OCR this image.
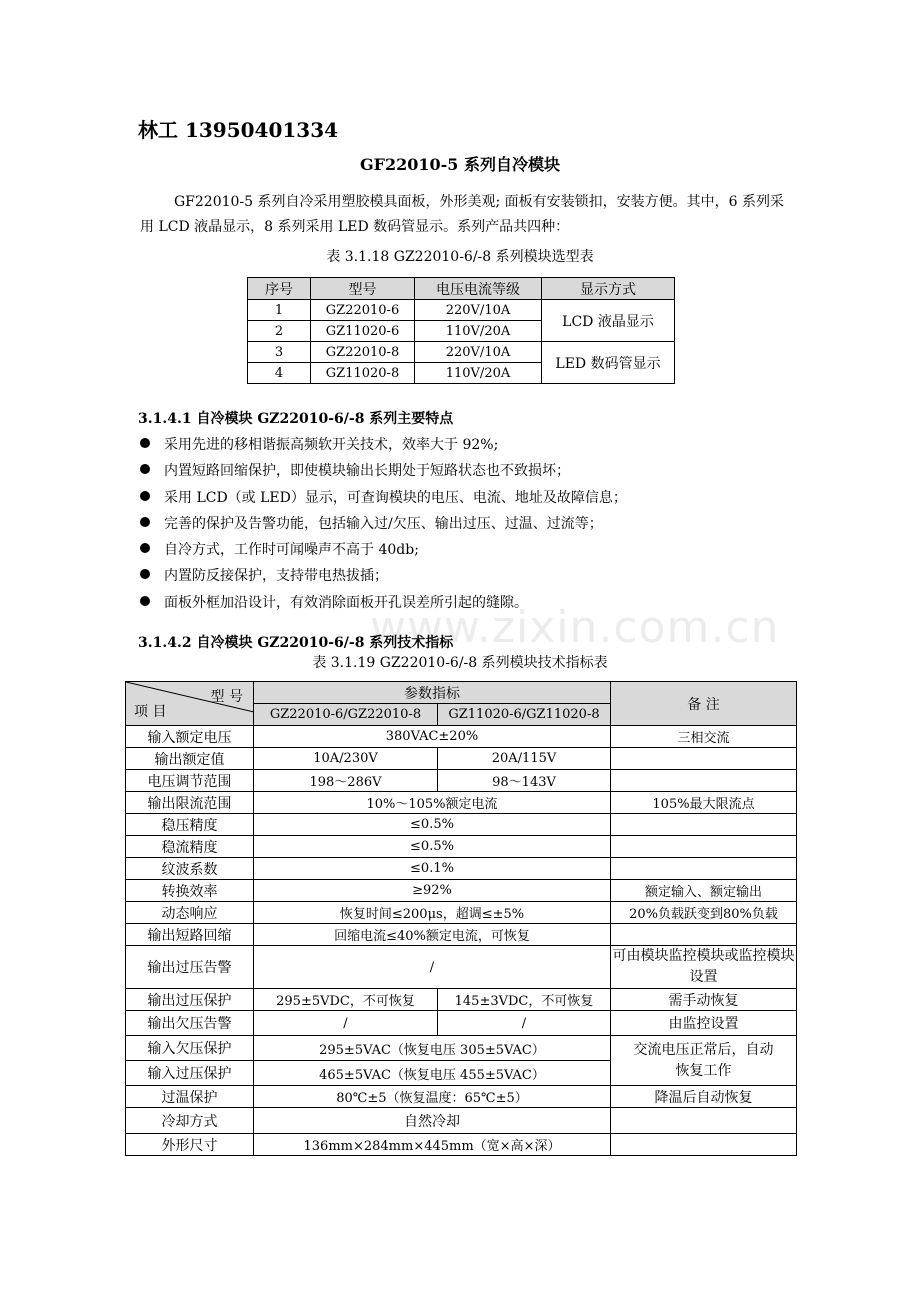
林工 13950401334
GF22010-5 系列自冷模块
GF22010-5 系列自冷采用塑胶模具面板，外形美观; 面板有安装锁扣，安装方便。其中，6 系列采用 LCD 液晶显示，8 系列采用 LED 数码管显示。系列产品共四种：
表 3.1.18 GZ22010-6/-8 系列模块选型表
序号	型号	电压电流等级	显示方式
1	GZ22010-6	220V/10A	LCD 液晶显示
2	GZ11020-6	110V/20A	
3	GZ22010-8	220V/10A	LED 数码管显示
4	GZ11020-8	110V/20A	
3.1.4.1 自冷模块 GZ22010-6/-8 系列主要特点
采用先进的移相谐振高频软开关技术，效率大于 92%;
内置短路回缩保护，即使模块输出长期处于短路状态也不致损坏；
采用 LCD（或 LED）显示，可查询模块的电压、电流、地址及故障信息；
完善的保护及告警功能，包括输入过/欠压、输出过压、过温、过流等；
自冷方式，工作时可闻噪声不高于 40db;
内置防反接保护，支持带电热拔插；
面板外框加沿设计，有效消除面板开孔误差所引起的缝隙。
www.zixin.com.cn
3.1.4.2 自冷模块 GZ22010-6/-8 系列技术指标
表 3.1.19 GZ22010-6/-8 系列模块技术指标表
型 号
项 目	参数指标		备 注
	GZ22010-6/GZ22010-8	GZ11020-6/GZ11020-8	
输入额定电压	380VAC±20%		三相交流
输出额定值	10A/230V	20A/115V	
电压调节范围	198～286V	98～143V	
输出限流范围	10%～105%额定电流		105%最大限流点
稳压精度	≤0.5%		
稳流精度	≤0.5%		
纹波系数	≤0.1%		
转换效率	≥92%		额定输入、额定输出
动态响应	恢复时间≤200μs，超调≤±5%		20%负载跃变到80%负载
输出短路回缩	回缩电流≤40%额定电流，可恢复		
输出过压告警	/		可由模块监控模块或监控模块设置
输出过压保护	295±5VDC，不可恢复	145±3VDC，不可恢复	需手动恢复
输出欠压告警	/	/	由监控设置
输入欠压保护	295±5VAC（恢复电压 305±5VAC）		交流电压正常后，自动恢复工作
输入过压保护	465±5VAC（恢复电压 455±5VAC）		
过温保护	80℃±5（恢复温度：65℃±5）		降温后自动恢复
冷却方式	自然冷却		
外形尺寸	136mm×284mm×445mm（宽×高×深）		
